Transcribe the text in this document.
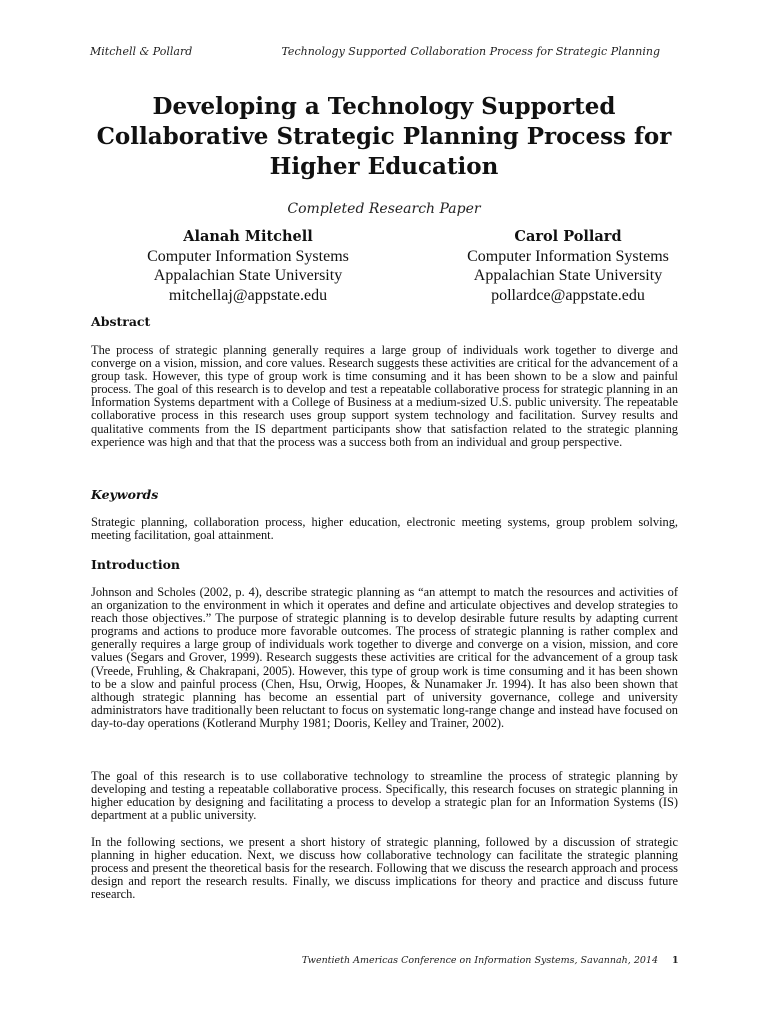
Mitchell & Pollard	Technology Supported Collaboration Process for Strategic Planning
Developing a Technology Supported Collaborative Strategic Planning Process for Higher Education
Completed Research Paper
Alanah Mitchell
Computer Information Systems
Appalachian State University
mitchellaj@appstate.edu
Carol Pollard
Computer Information Systems
Appalachian State University
pollardce@appstate.edu
Abstract

The process of strategic planning generally requires a large group of individuals work together to diverge and converge on a vision, mission, and core values. Research suggests these activities are critical for the advancement of a group task. However, this type of group work is time consuming and it has been shown to be a slow and painful process. The goal of this research is to develop and test a repeatable collaborative process for strategic planning in an Information Systems department with a College of Business at a medium-sized U.S. public university. The repeatable collaborative process in this research uses group support system technology and facilitation. Survey results and qualitative comments from the IS department participants show that satisfaction related to the strategic planning experience was high and that that the process was a success both from an individual and group perspective.

Keywords

Strategic planning, collaboration process, higher education, electronic meeting systems, group problem solving, meeting facilitation, goal attainment.

Introduction

Johnson and Scholes (2002, p. 4), describe strategic planning as “an attempt to match the resources and activities of an organization to the environment in which it operates and define and articulate objectives and develop strategies to reach those objectives.” The purpose of strategic planning is to develop desirable future results by adapting current programs and actions to produce more favorable outcomes. The process of strategic planning is rather complex and generally requires a large group of individuals work together to diverge and converge on a vision, mission, and core values (Segars and Grover, 1999). Research suggests these activities are critical for the advancement of a group task (Vreede, Fruhling, & Chakrapani, 2005). However, this type of group work is time consuming and it has been shown to be a slow and painful process (Chen, Hsu, Orwig, Hoopes, & Nunamaker Jr. 1994). It has also been shown that although strategic planning has become an essential part of university governance, college and university administrators have traditionally been reluctant to focus on systematic long-range change and instead have focused on day-to-day operations (Kotlerand Murphy 1981; Dooris, Kelley and Trainer, 2002).

The goal of this research is to use collaborative technology to streamline the process of strategic planning by developing and testing a repeatable collaborative process. Specifically, this research focuses on strategic planning in higher education by designing and facilitating a process to develop a strategic plan for an Information Systems (IS) department at a public university.

In the following sections, we present a short history of strategic planning, followed by a discussion of strategic planning in higher education. Next, we discuss how collaborative technology can facilitate the strategic planning process and present the theoretical basis for the research. Following that we discuss the research approach and process design and report the research results. Finally, we discuss implications for theory and practice and discuss future research.

Twentieth Americas Conference on Information Systems, Savannah, 2014 1
